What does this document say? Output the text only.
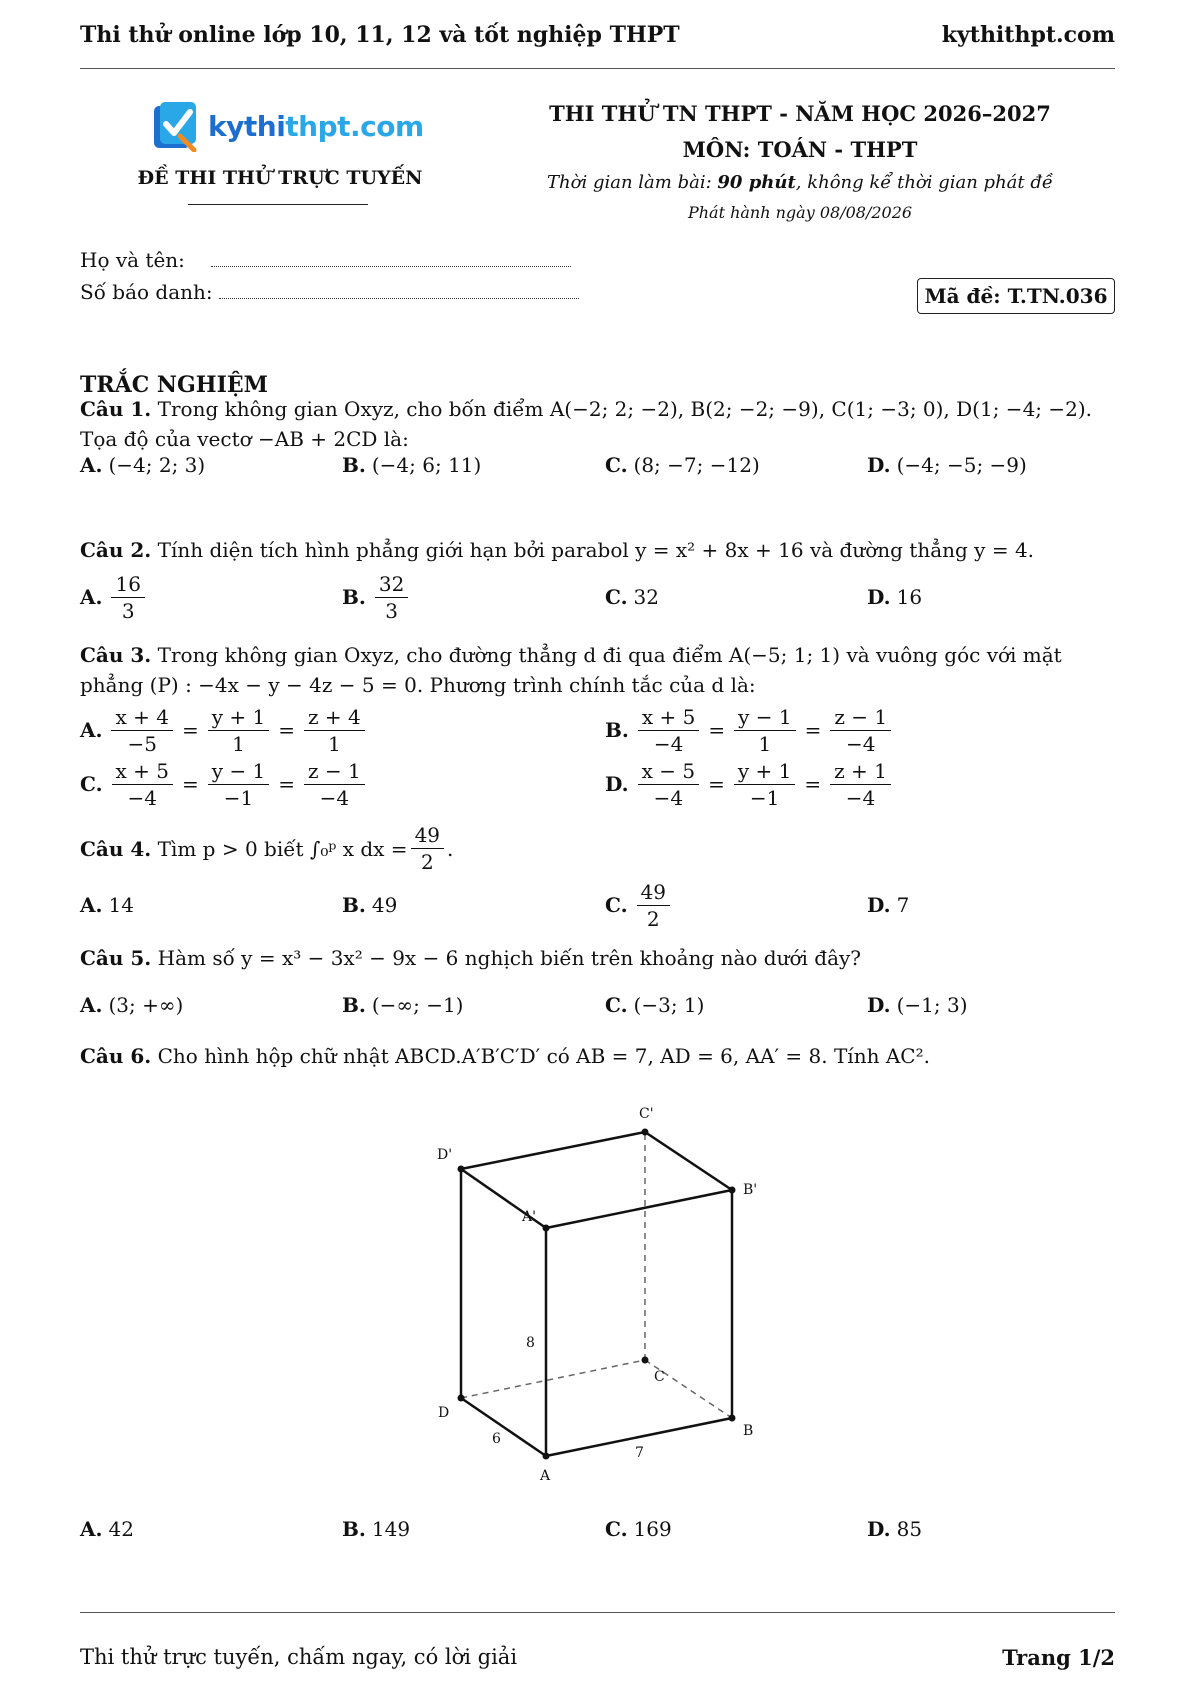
Thi thử online lớp 10, 11, 12 và tốt nghiệp THPT	kythithpt.com
kythithpt.com
ĐỀ THI THỬ TRỰC TUYẾN
THI THỬ TN THPT - NĂM HỌC 2026–2027
MÔN: TOÁN - THPT
Thời gian làm bài: 90 phút, không kể thời gian phát đề
Phát hành ngày 08/08/2026
Họ và tên:
Số báo danh:	Mã đề: T.TN.036
TRẮC NGHIỆM
Câu 1. Trong không gian Oxyz, cho bốn điểm A(−2; 2; −2), B(2; −2; −9), C(1; −3; 0), D(1; −4; −2). Tọa độ của vectơ −AB + 2CD là:
A. (−4; 2; 3)	B. (−4; 6; 11)	C. (8; −7; −12)	D. (−4; −5; −9)
Câu 2. Tính diện tích hình phẳng giới hạn bởi parabol y = x² + 8x + 16 và đường thẳng y = 4.
A. $\frac{16}{3}$	B. $\frac{32}{3}$	C. 32	D. 16
Câu 3. Trong không gian Oxyz, cho đường thẳng d đi qua điểm A(−5; 1; 1) và vuông góc với mặt phẳng (P) : −4x − y − 4z − 5 = 0. Phương trình chính tắc của d là:
A. $\frac{x + 4}{-5} = \frac{y + 1}{1} = \frac{z + 4}{1}$	B. $\frac{x + 5}{-4} = \frac{y - 1}{1} = \frac{z - 1}{-4}$
C. $\frac{x + 5}{-4} = \frac{y - 1}{-1} = \frac{z - 1}{-4}$	D. $\frac{x - 5}{-4} = \frac{y + 1}{-1} = \frac{z + 1}{-4}$
Câu 4.
Tìm p > 0 biết ∫₀ᵖ x dx = $\frac{49}{2}$ .
A. 14	B. 49	C. $\frac{49}{2}$	D. 7
Câu 5. Hàm số y = x³ − 3x² − 9x − 6 nghịch biến trên khoảng nào dưới đây?
A. (3; +∞)	B. (−∞; −1)	C. (−3; 1)	D. (−1; 3)
Câu 6. Cho hình hộp chữ nhật ABCD.A′B′C′D′ có AB = 7, AD = 6, AA′ = 8. Tính AC².
D'
C'
B'
A'
D
C
B
A
8
6
7
A. 42	B. 149	C. 169	D. 85
Thi thử trực tuyến, chấm ngay, có lời giải	Trang 1/2
